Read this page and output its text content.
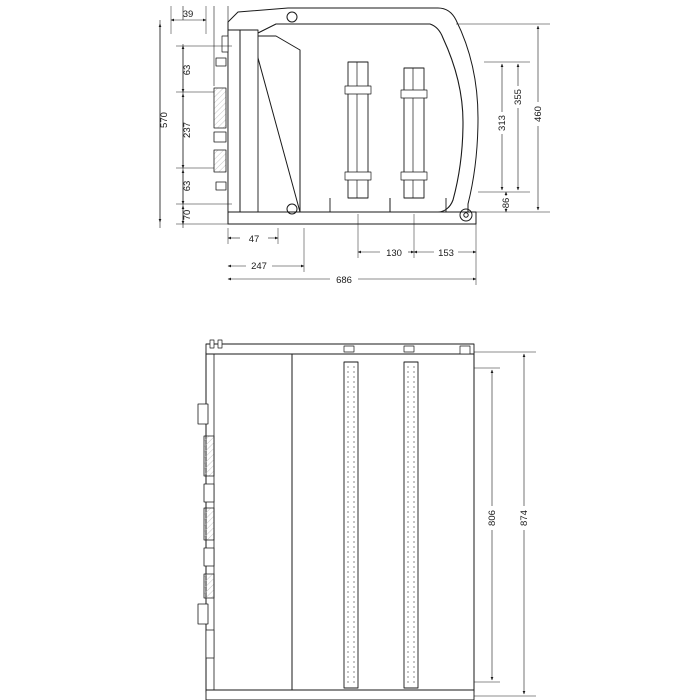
39
63
570
237
63
70
47
247
130	153
686
355
313
460
86
806 874
